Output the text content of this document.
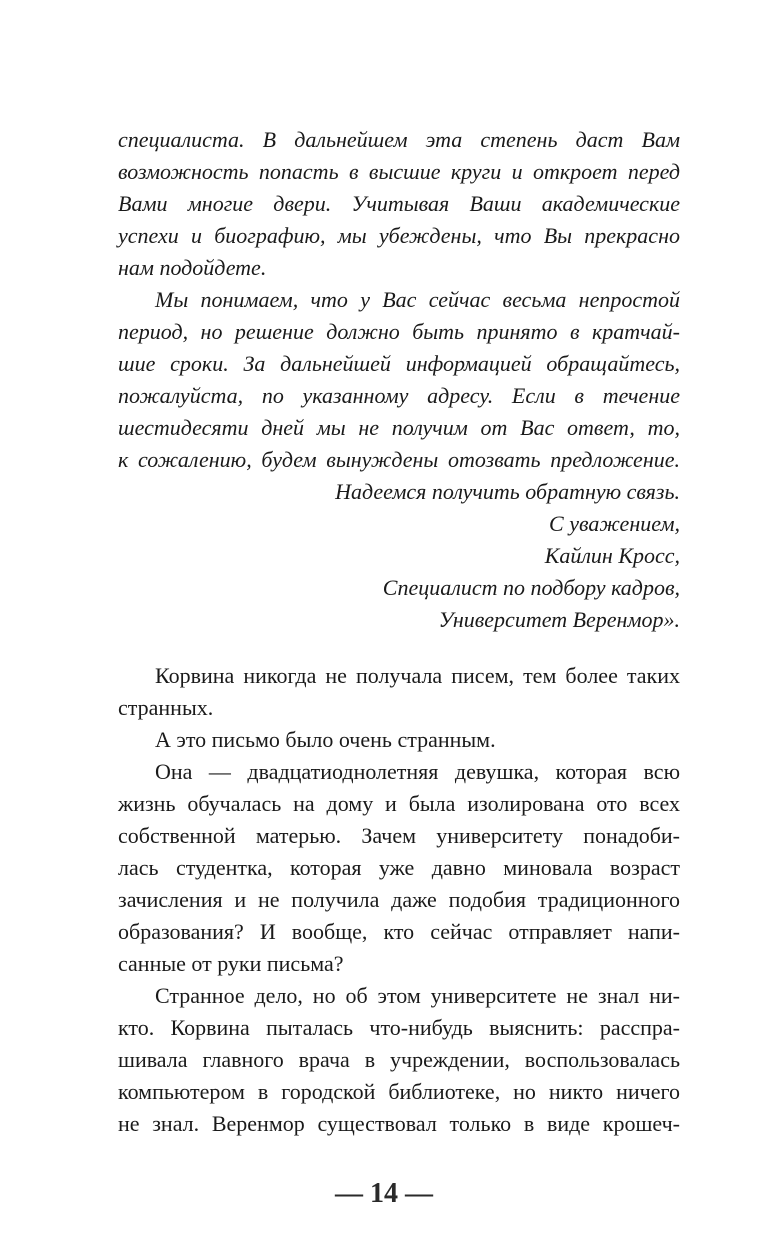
специалиста. В дальнейшем эта степень даст Вам
возможность попасть в высшие круги и откроет перед
Вами многие двери. Учитывая Ваши академические
успехи и биографию, мы убеждены, что Вы прекрасно
нам подойдете.
Мы понимаем, что у Вас сейчас весьма непростой
период, но решение должно быть принято в кратчай-
шие сроки. За дальнейшей информацией обращайтесь,
пожалуйста, по указанному адресу. Если в течение
шестидесяти дней мы не получим от Вас ответ, то,
к сожалению, будем вынуждены отозвать предложение.
Надеемся получить обратную связь.
С уважением,
Кайлин Кросс,
Специалист по подбору кадров,
Университет Веренмор».
Корвина никогда не получала писем, тем более таких
странных.
А это письмо было очень странным.
Она — двадцатиоднолетняя девушка, которая всю
жизнь обучалась на дому и была изолирована ото всех
собственной матерью. Зачем университету понадоби-
лась студентка, которая уже давно миновала возраст
зачисления и не получила даже подобия традиционного
образования? И вообще, кто сейчас отправляет напи-
санные от руки письма?
Странное дело, но об этом университете не знал ни-
кто. Корвина пыталась что-нибудь выяснить: расспра-
шивала главного врача в учреждении, воспользовалась
компьютером в городской библиотеке, но никто ничего
не знал. Веренмор существовал только в виде крошеч-
— 14 —
